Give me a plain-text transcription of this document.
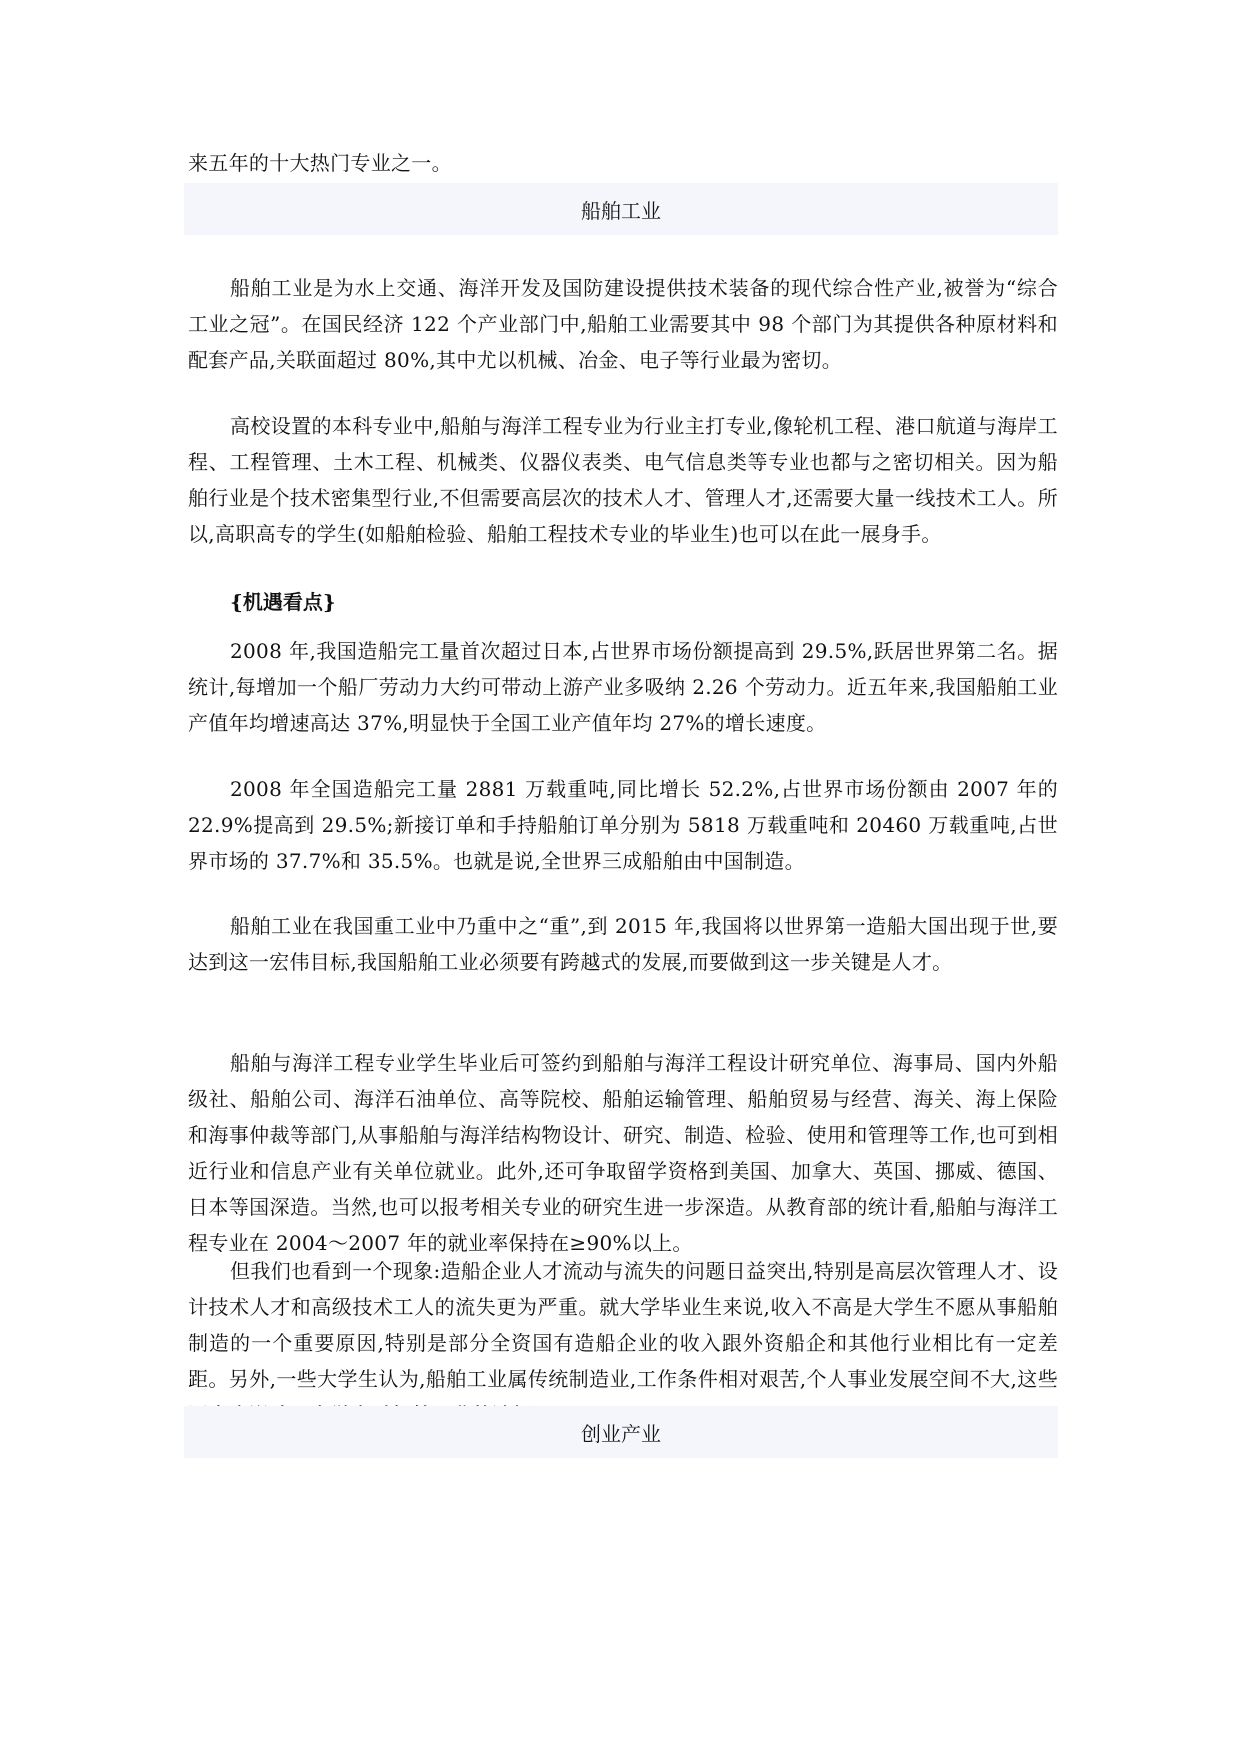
来五年的十大热门专业之一。
船舶工业
船舶工业是为水上交通、海洋开发及国防建设提供技术装备的现代综合性产业,被誉为“综合工业之冠”。在国民经济 122 个产业部门中,船舶工业需要其中 98 个部门为其提供各种原材料和配套产品,关联面超过 80%,其中尤以机械、冶金、电子等行业最为密切。
高校设置的本科专业中,船舶与海洋工程专业为行业主打专业,像轮机工程、港口航道与海岸工程、工程管理、土木工程、机械类、仪器仪表类、电气信息类等专业也都与之密切相关。因为船舶行业是个技术密集型行业,不但需要高层次的技术人才、管理人才,还需要大量一线技术工人。所以,高职高专的学生(如船舶检验、船舶工程技术专业的毕业生)也可以在此一展身手。
{机遇看点}
2008 年,我国造船完工量首次超过日本,占世界市场份额提高到 29.5%,跃居世界第二名。据统计,每增加一个船厂劳动力大约可带动上游产业多吸纳 2.26 个劳动力。近五年来,我国船舶工业产值年均增速高达 37%,明显快于全国工业产值年均 27%的增长速度。
2008 年全国造船完工量 2881 万载重吨,同比增长 52.2%,占世界市场份额由 2007 年的 22.9%提高到 29.5%;新接订单和手持船舶订单分别为 5818 万载重吨和 20460 万载重吨,占世界市场的 37.7%和 35.5%。也就是说,全世界三成船舶由中国制造。
船舶工业在我国重工业中乃重中之“重”,到 2015 年,我国将以世界第一造船大国出现于世,要达到这一宏伟目标,我国船舶工业必须要有跨越式的发展,而要做到这一步关键是人才。
船舶与海洋工程专业学生毕业后可签约到船舶与海洋工程设计研究单位、海事局、国内外船级社、船舶公司、海洋石油单位、高等院校、船舶运输管理、船舶贸易与经营、海关、海上保险和海事仲裁等部门,从事船舶与海洋结构物设计、研究、制造、检验、使用和管理等工作,也可到相近行业和信息产业有关单位就业。此外,还可争取留学资格到美国、加拿大、英国、挪威、德国、日本等国深造。当然,也可以报考相关专业的研究生进一步深造。从教育部的统计看,船舶与海洋工程专业在 2004～2007 年的就业率保持在≥90%以上。
但我们也看到一个现象:造船企业人才流动与流失的问题日益突出,特别是高层次管理人才、设计技术人才和高级技术工人的流失更为严重。就大学毕业生来说,收入不高是大学生不愿从事船舶制造的一个重要原因,特别是部分全资国有造船企业的收入跟外资船企和其他行业相比有一定差距。另外,一些大学生认为,船舶工业属传统制造业,工作条件相对艰苦,个人事业发展空间不大,这些
创业产业
